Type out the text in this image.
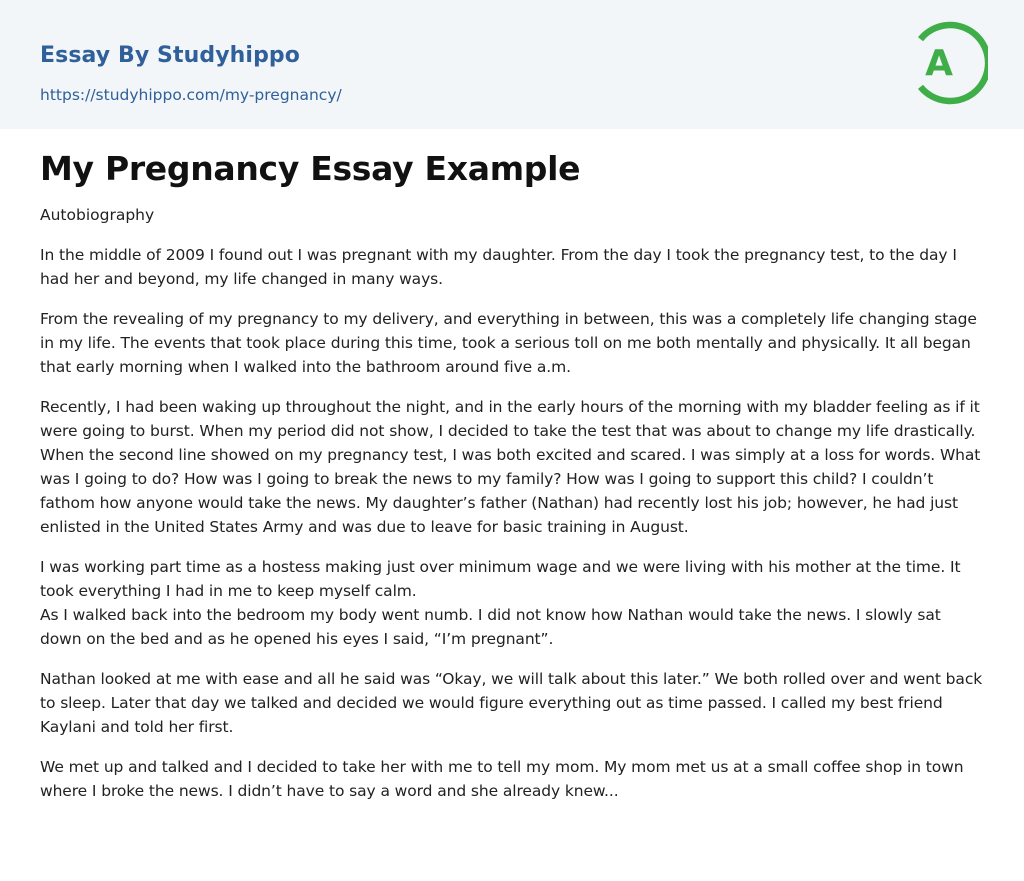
Essay By Studyhippo
https://studyhippo.com/my-pregnancy/
A
My Pregnancy Essay Example
Autobiography

In the middle of 2009 I found out I was pregnant with my daughter. From the day I took the pregnancy test, to the day I had her and beyond, my life changed in many ways.

From the revealing of my pregnancy to my delivery, and everything in between, this was a completely life changing stage in my life. The events that took place during this time, took a serious toll on me both mentally and physically. It all began that early morning when I walked into the bathroom around five a.m.

Recently, I had been waking up throughout the night, and in the early hours of the morning with my bladder feeling as if it were going to burst. When my period did not show, I decided to take the test that was about to change my life drastically. When the second line showed on my pregnancy test, I was both excited and scared. I was simply at a loss for words. What was I going to do? How was I going to break the news to my family? How was I going to support this child? I couldn’t fathom how anyone would take the news. My daughter’s father (Nathan) had recently lost his job; however, he had just enlisted in the United States Army and was due to leave for basic training in August.

I was working part time as a hostess making just over minimum wage and we were living with his mother at the time. It took everything I had in me to keep myself calm.
As I walked back into the bedroom my body went numb. I did not know how Nathan would take the news. I slowly sat down on the bed and as he opened his eyes I said, “I’m pregnant”.

Nathan looked at me with ease and all he said was “Okay, we will talk about this later.” We both rolled over and went back to sleep. Later that day we talked and decided we would figure everything out as time passed. I called my best friend Kaylani and told her first.

We met up and talked and I decided to take her with me to tell my mom. My mom met us at a small coffee shop in town where I broke the news. I didn’t have to say a word and she already knew...
